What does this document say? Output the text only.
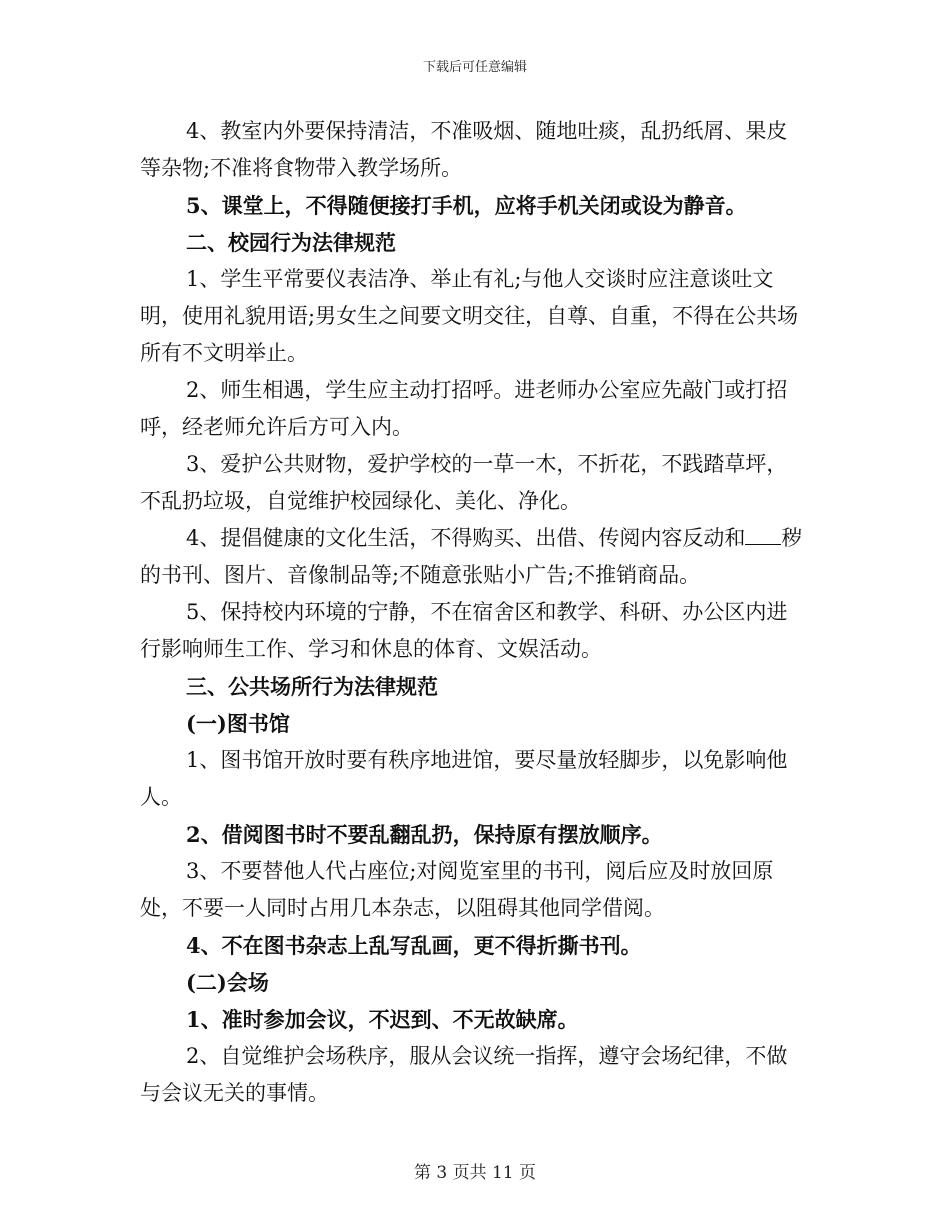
下载后可任意编辑

4、教室内外要保持清洁，不准吸烟、随地吐痰，乱扔纸屑、果皮等杂物;不准将食物带入教学场所。

5、课堂上，不得随便接打手机，应将手机关闭或设为静音。

二、校园行为法律规范

1、学生平常要仪表洁净、举止有礼;与他人交谈时应注意谈吐文明，使用礼貌用语;男女生之间要文明交往，自尊、自重，不得在公共场所有不文明举止。

2、师生相遇，学生应主动打招呼。进老师办公室应先敲门或打招呼，经老师允许后方可入内。

3、爱护公共财物，爱护学校的一草一木，不折花，不践踏草坪，不乱扔垃圾，自觉维护校园绿化、美化、净化。

4、提倡健康的文化生活，不得购买、出借、传阅内容反动和 秽的书刊、图片、音像制品等;不随意张贴小广告;不推销商品。

5、保持校内环境的宁静，不在宿舍区和教学、科研、办公区内进行影响师生工作、学习和休息的体育、文娱活动。

三、公共场所行为法律规范

(一)图书馆

1、图书馆开放时要有秩序地进馆，要尽量放轻脚步，以免影响他人。

2、借阅图书时不要乱翻乱扔，保持原有摆放顺序。

3、不要替他人代占座位;对阅览室里的书刊，阅后应及时放回原处，不要一人同时占用几本杂志，以阻碍其他同学借阅。

4、不在图书杂志上乱写乱画，更不得折撕书刊。

(二)会场

1、准时参加会议，不迟到、不无故缺席。

2、自觉维护会场秩序，服从会议统一指挥，遵守会场纪律，不做与会议无关的事情。

第 3 页共 11 页
